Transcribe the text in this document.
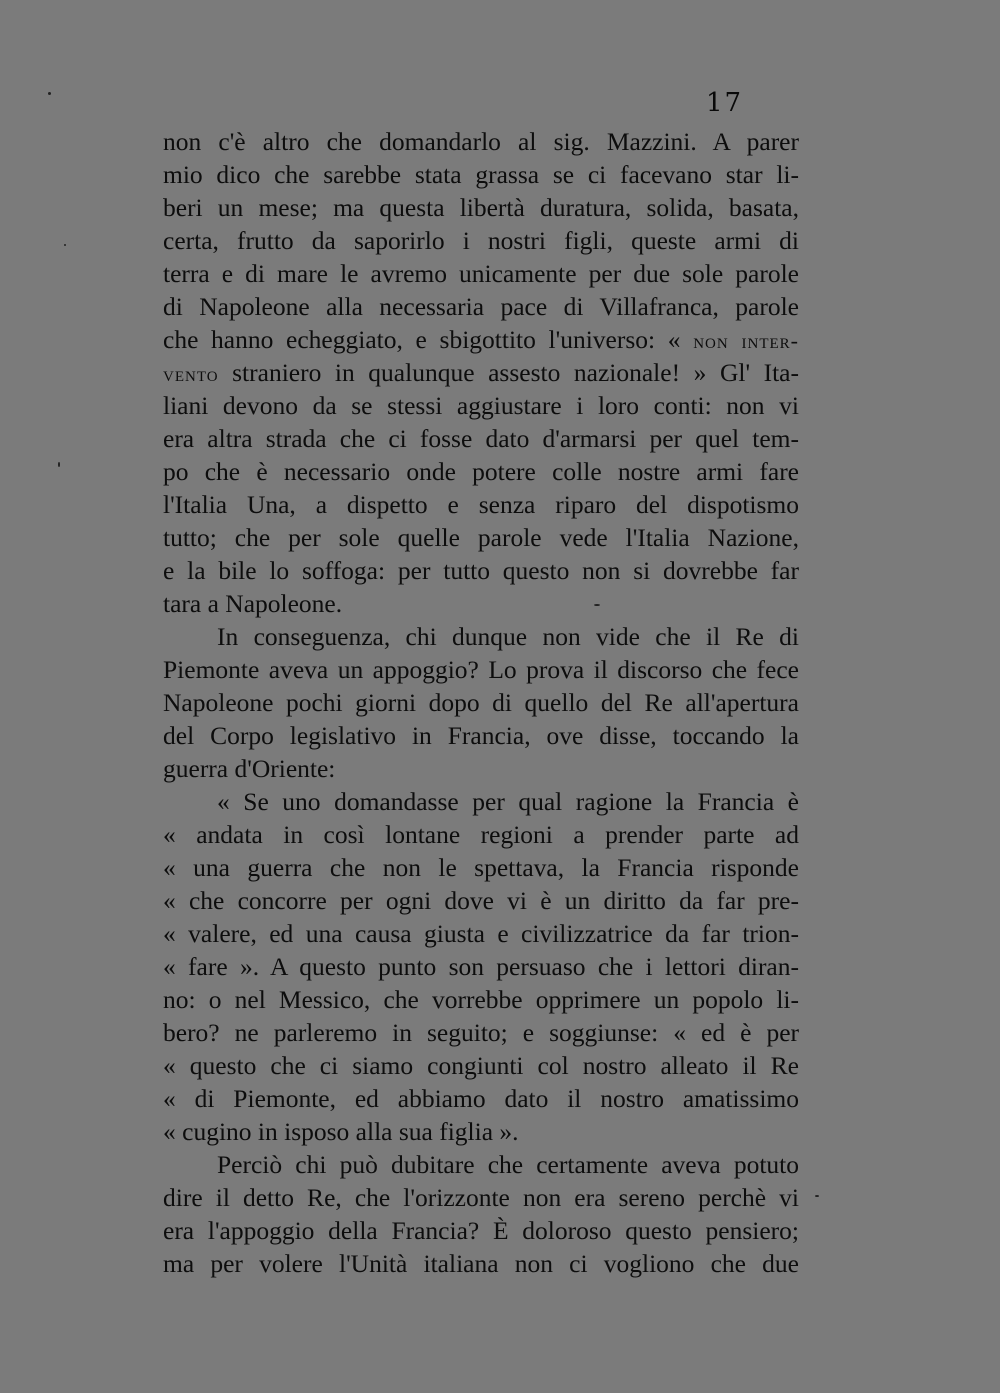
17
non c'è altro che domandarlo al sig. Mazzini. A parer
mio dico che sarebbe stata grassa se ci facevano star li-
beri un mese; ma questa libertà duratura, solida, basata,
certa, frutto da saporirlo i nostri figli, queste armi di
terra e di mare le avremo unicamente per due sole parole
di Napoleone alla necessaria pace di Villafranca, parole
che hanno echeggiato, e sbigottito l'universo: « non inter-
vento straniero in qualunque assesto nazionale! » Gl' Ita-
liani devono da se stessi aggiustare i loro conti: non vi
era altra strada che ci fosse dato d'armarsi per quel tem-
po che è necessario onde potere colle nostre armi fare
l'Italia Una, a dispetto e senza riparo del dispotismo
tutto; che per sole quelle parole vede l'Italia Nazione,
e la bile lo soffoga: per tutto questo non si dovrebbe far
tara a Napoleone.
In conseguenza, chi dunque non vide che il Re di
Piemonte aveva un appoggio? Lo prova il discorso che fece
Napoleone pochi giorni dopo di quello del Re all'apertura
del Corpo legislativo in Francia, ove disse, toccando la
guerra d'Oriente:
« Se uno domandasse per qual ragione la Francia è
« andata in così lontane regioni a prender parte ad
« una guerra che non le spettava, la Francia risponde
« che concorre per ogni dove vi è un diritto da far pre-
« valere, ed una causa giusta e civilizzatrice da far trion-
« fare ». A questo punto son persuaso che i lettori diran-
no: o nel Messico, che vorrebbe opprimere un popolo li-
bero? ne parleremo in seguito; e soggiunse: « ed è per
« questo che ci siamo congiunti col nostro alleato il Re
« di Piemonte, ed abbiamo dato il nostro amatissimo
« cugino in isposo alla sua figlia ».
Perciò chi può dubitare che certamente aveva potuto
dire il detto Re, che l'orizzonte non era sereno perchè vi
era l'appoggio della Francia? È doloroso questo pensiero;
ma per volere l'Unità italiana non ci vogliono che due
